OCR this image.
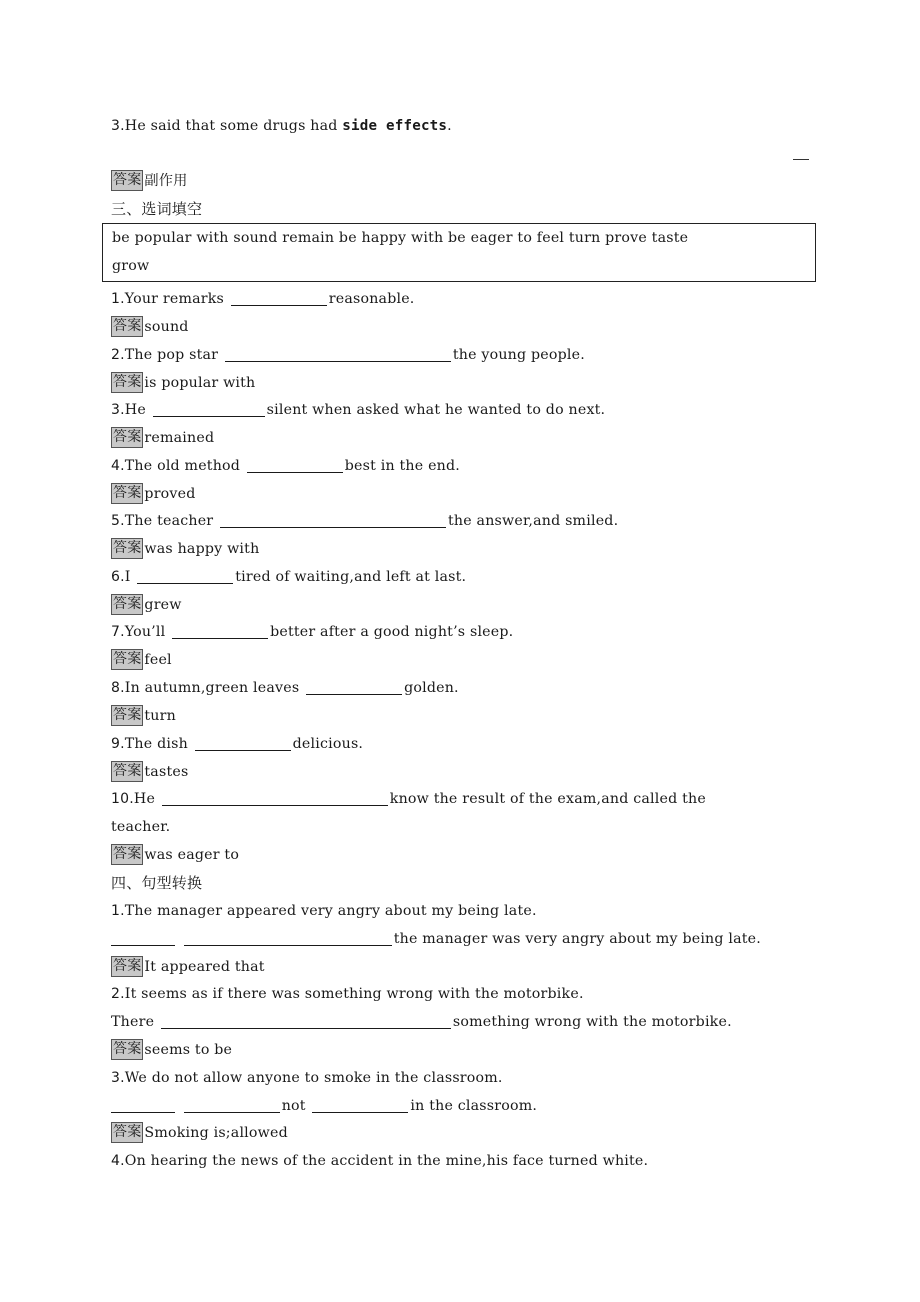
3.He said that some drugs had side effects.
答案 副作用
三、选词填空
be popular with sound remain be happy with be eager to feel turn prove taste
grow
1.Your remarks	reasonable.
答案 sound
2.The pop star	the young people.
答案 is popular with
3.He	silent when asked what he wanted to do next.
答案 remained
4.The old method	best in the end.
答案 proved
5.The teacher	the answer,and smiled.
答案 was happy with
6.I	tired of waiting,and left at last.
答案 grew
7.You’ll	better after a good night’s sleep.
答案 feel
8.In autumn,green leaves	golden.
答案 turn
9.The dish	delicious.
答案 tastes
10.He	know the result of the exam,and called the
teacher.
答案 was eager to
四、句型转换
1.The manager appeared very angry about my being late.
the manager was very angry about my being late.
答案 It appeared that
2.It seems as if there was something wrong with the motorbike.
There	something wrong with the motorbike.
答案 seems to be
3.We do not allow anyone to smoke in the classroom.
not	in the classroom.
答案 Smoking is;allowed
4.On hearing the news of the accident in the mine,his face turned white.
